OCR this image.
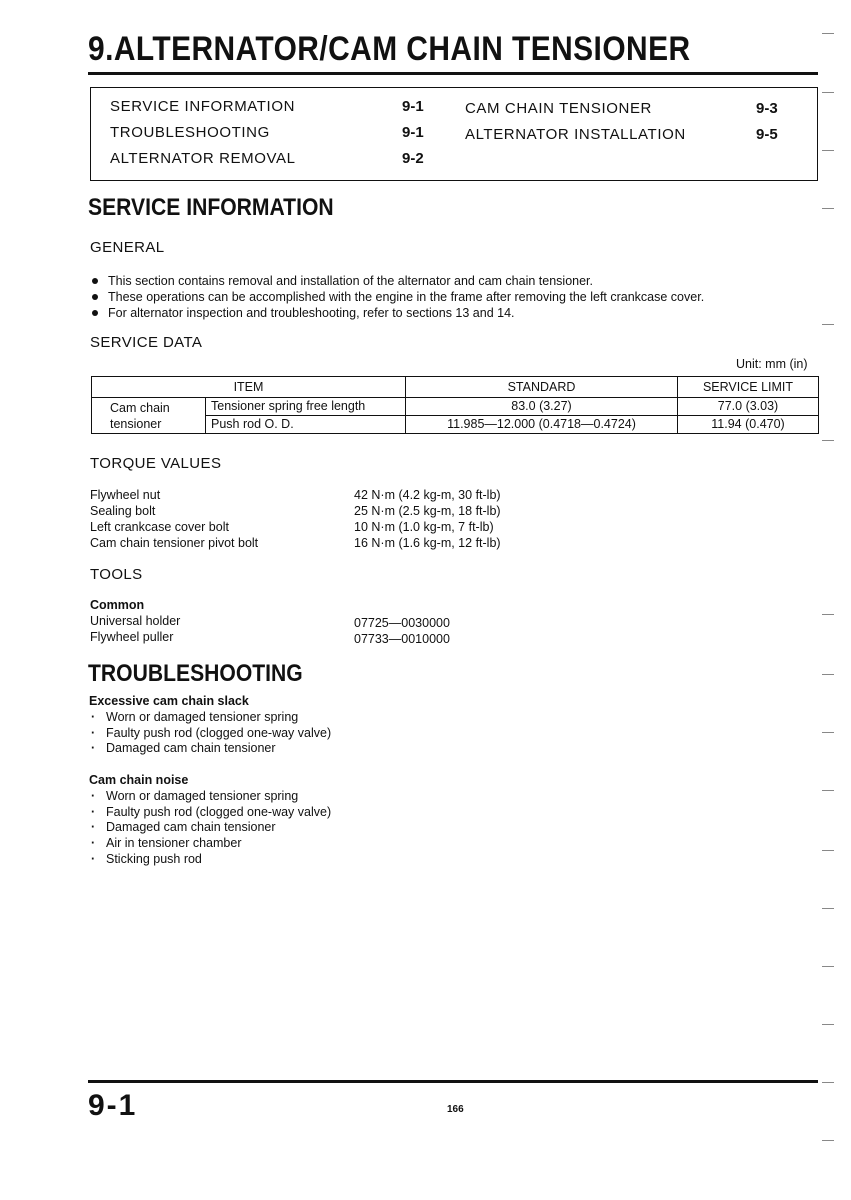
9.ALTERNATOR/CAM CHAIN TENSIONER
SERVICE INFORMATION	9-1
TROUBLESHOOTING	9-1
ALTERNATOR REMOVAL	9-2
CAM CHAIN TENSIONER	9-3
ALTERNATOR INSTALLATION	9-5
SERVICE INFORMATION
GENERAL
This section contains removal and installation of the alternator and cam chain tensioner.
These operations can be accomplished with the engine in the frame after removing the left crankcase cover.
For alternator inspection and troubleshooting, refer to sections 13 and 14.
SERVICE DATA
Unit: mm (in)
ITEM		STANDARD	SERVICE LIMIT
Cam chain
tensioner	Tensioner spring free length	83.0 (3.27)	77.0 (3.03)
	Push rod O. D.	11.985—12.000 (0.4718—0.4724)	11.94 (0.470)
TORQUE VALUES
Flywheel nut	42 N·m (4.2 kg-m, 30 ft-lb)
Sealing bolt	25 N·m (2.5 kg-m, 18 ft-lb)
Left crankcase cover bolt	10 N·m (1.0 kg-m, 7 ft-lb)
Cam chain tensioner pivot bolt	16 N·m (1.6 kg-m, 12 ft-lb)
TOOLS
Common
Universal holder	07725—0030000
Flywheel puller	07733—0010000
TROUBLESHOOTING
Excessive cam chain slack
· Worn or damaged tensioner spring
· Faulty push rod (clogged one-way valve)
· Damaged cam chain tensioner
Cam chain noise
· Worn or damaged tensioner spring
· Faulty push rod (clogged one-way valve)
· Damaged cam chain tensioner
· Air in tensioner chamber
· Sticking push rod
9-1	166
